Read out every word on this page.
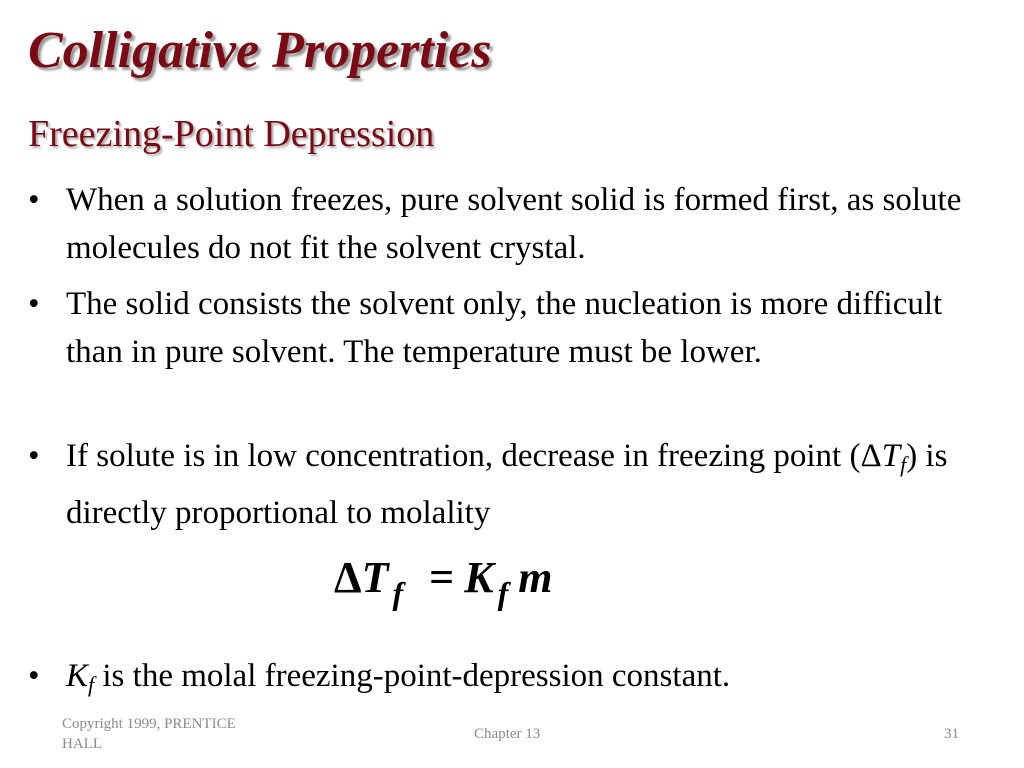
Colligative Properties
Freezing-Point Depression
• When a solution freezes, pure solvent solid is formed first, as solute molecules do not fit the solvent crystal.
• The solid consists the solvent only, the nucleation is more difficult than in pure solvent. The temperature must be lower.
• If solute is in low concentration, decrease in freezing point (ΔTf) is directly proportional to molality
ΔT $_f$ = K $_f$ m
• Kf is the molal freezing-point-depression constant.
Copyright 1999, PRENTICE HALL
Chapter 13	31
